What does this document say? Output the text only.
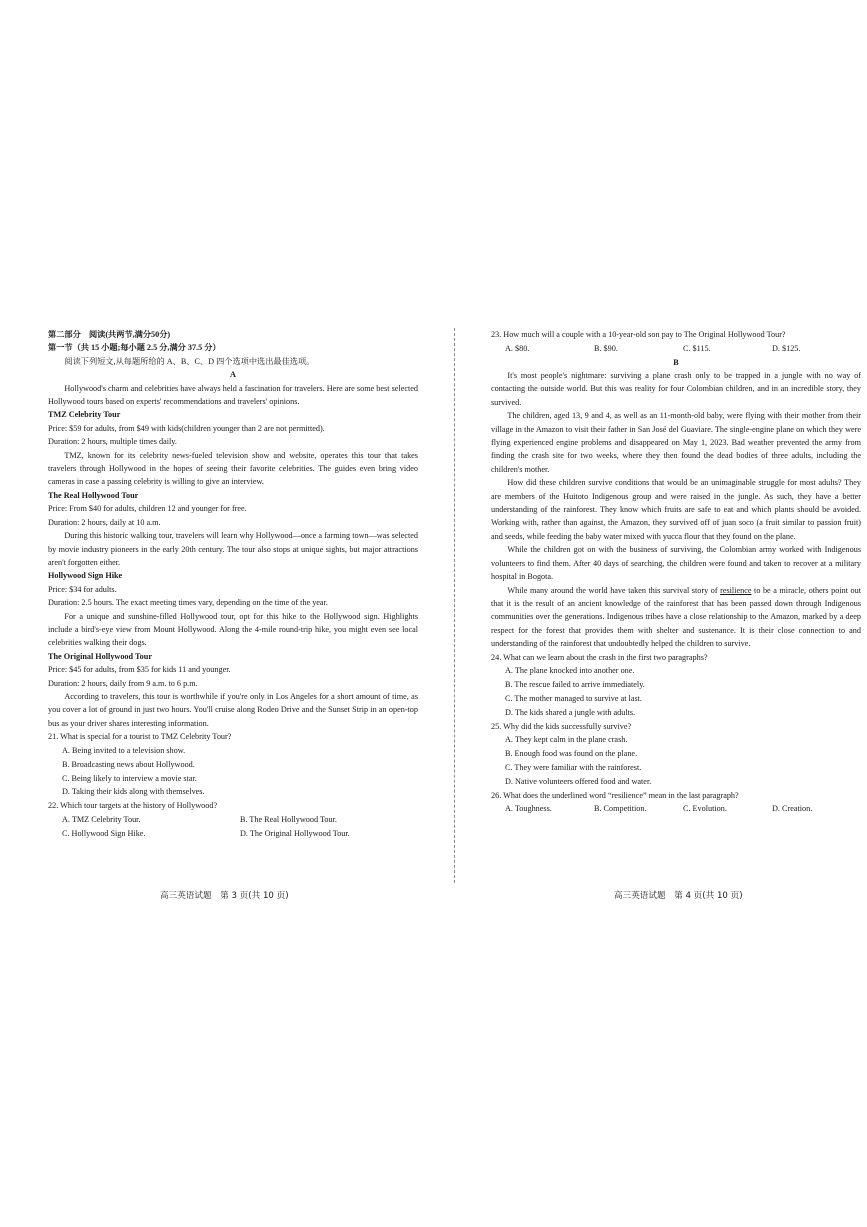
第二部分　阅读(共两节,满分50分)

第一节（共 15 小题;每小题 2.5 分,满分 37.5 分）

阅读下列短文,从每题所给的 A、B、C、D 四个选项中选出最佳选项。

A

Hollywood's charm and celebrities have always held a fascination for travelers. Here are some best selected Hollywood tours based on experts' recommendations and travelers' opinions.

TMZ Celebrity Tour

Price: $59 for adults, from $49 with kids(children younger than 2 are not permitted).

Duration: 2 hours, multiple times daily.

TMZ, known for its celebrity news-fueled television show and website, operates this tour that takes travelers through Hollywood in the hopes of seeing their favorite celebrities. The guides even bring video cameras in case a passing celebrity is willing to give an interview.

The Real Hollywood Tour

Price: From $40 for adults, children 12 and younger for free.

Duration: 2 hours, daily at 10 a.m.

During this historic walking tour, travelers will learn why Hollywood—once a farming town—was selected by movie industry pioneers in the early 20th century. The tour also stops at unique sights, but major attractions aren't forgotten either.

Hollywood Sign Hike

Price: $34 for adults.

Duration: 2.5 hours. The exact meeting times vary, depending on the time of the year.

For a unique and sunshine-filled Hollywood tour, opt for this hike to the Hollywood sign. Highlights include a bird's-eye view from Mount Hollywood. Along the 4-mile round-trip hike, you might even see local celebrities walking their dogs.

The Original Hollywood Tour

Price: $45 for adults, from $35 for kids 11 and younger.

Duration: 2 hours, daily from 9 a.m. to 6 p.m.

According to travelers, this tour is worthwhile if you're only in Los Angeles for a short amount of time, as you cover a lot of ground in just two hours. You'll cruise along Rodeo Drive and the Sunset Strip in an open-top bus as your driver shares interesting information.

21. What is special for a tourist to TMZ Celebrity Tour?

A. Being invited to a television show.

B. Broadcasting news about Hollywood.

C. Being likely to interview a movie star.

D. Taking their kids along with themselves.

22. Which tour targets at the history of Hollywood?

A. TMZ Celebrity Tour.	B. The Real Hollywood Tour.
C. Hollywood Sign Hike.	D. The Original Hollywood Tour.

23. How much will a couple with a 10-year-old son pay to The Original Hollywood Tour?

A. $80.	B. $90.	C. $115.	D. $125.

B

It's most people's nightmare: surviving a plane crash only to be trapped in a jungle with no way of contacting the outside world. But this was reality for four Colombian children, and in an incredible story, they survived.

The children, aged 13, 9 and 4, as well as an 11-month-old baby, were flying with their mother from their village in the Amazon to visit their father in San José del Guaviare. The single-engine plane on which they were flying experienced engine problems and disappeared on May 1, 2023. Bad weather prevented the army from finding the crash site for two weeks, where they then found the dead bodies of three adults, including the children's mother.

How did these children survive conditions that would be an unimaginable struggle for most adults? They are members of the Huitoto Indigenous group and were raised in the jungle. As such, they have a better understanding of the rainforest. They know which fruits are safe to eat and which plants should be avoided. Working with, rather than against, the Amazon, they survived off of juan soco (a fruit similar to passion fruit) and seeds, while feeding the baby water mixed with yucca flour that they found on the plane.

While the children got on with the business of surviving, the Colombian army worked with Indigenous volunteers to find them. After 40 days of searching, the children were found and taken to recover at a military hospital in Bogota.

While many around the world have taken this survival story of resilience to be a miracle, others point out that it is the result of an ancient knowledge of the rainforest that has been passed down through Indigenous communities over the generations. Indigenous tribes have a close relationship to the Amazon, marked by a deep respect for the forest that provides them with shelter and sustenance. It is their close connection to and understanding of the rainforest that undoubtedly helped the children to survive.

24. What can we learn about the crash in the first two paragraphs?

A. The plane knocked into another one.

B. The rescue failed to arrive immediately.

C. The mother managed to survive at last.

D. The kids shared a jungle with adults.

25. Why did the kids successfully survive?

A. They kept calm in the plane crash.

B. Enough food was found on the plane.

C. They were familiar with the rainforest.

D. Native volunteers offered food and water.

26. What does the underlined word “resilience” mean in the last paragraph?

A. Toughness.	B. Competition.	C. Evolution.	D. Creation.
高三英语试题　第 3 页(共 10 页)	高三英语试题　第 4 页(共 10 页)
